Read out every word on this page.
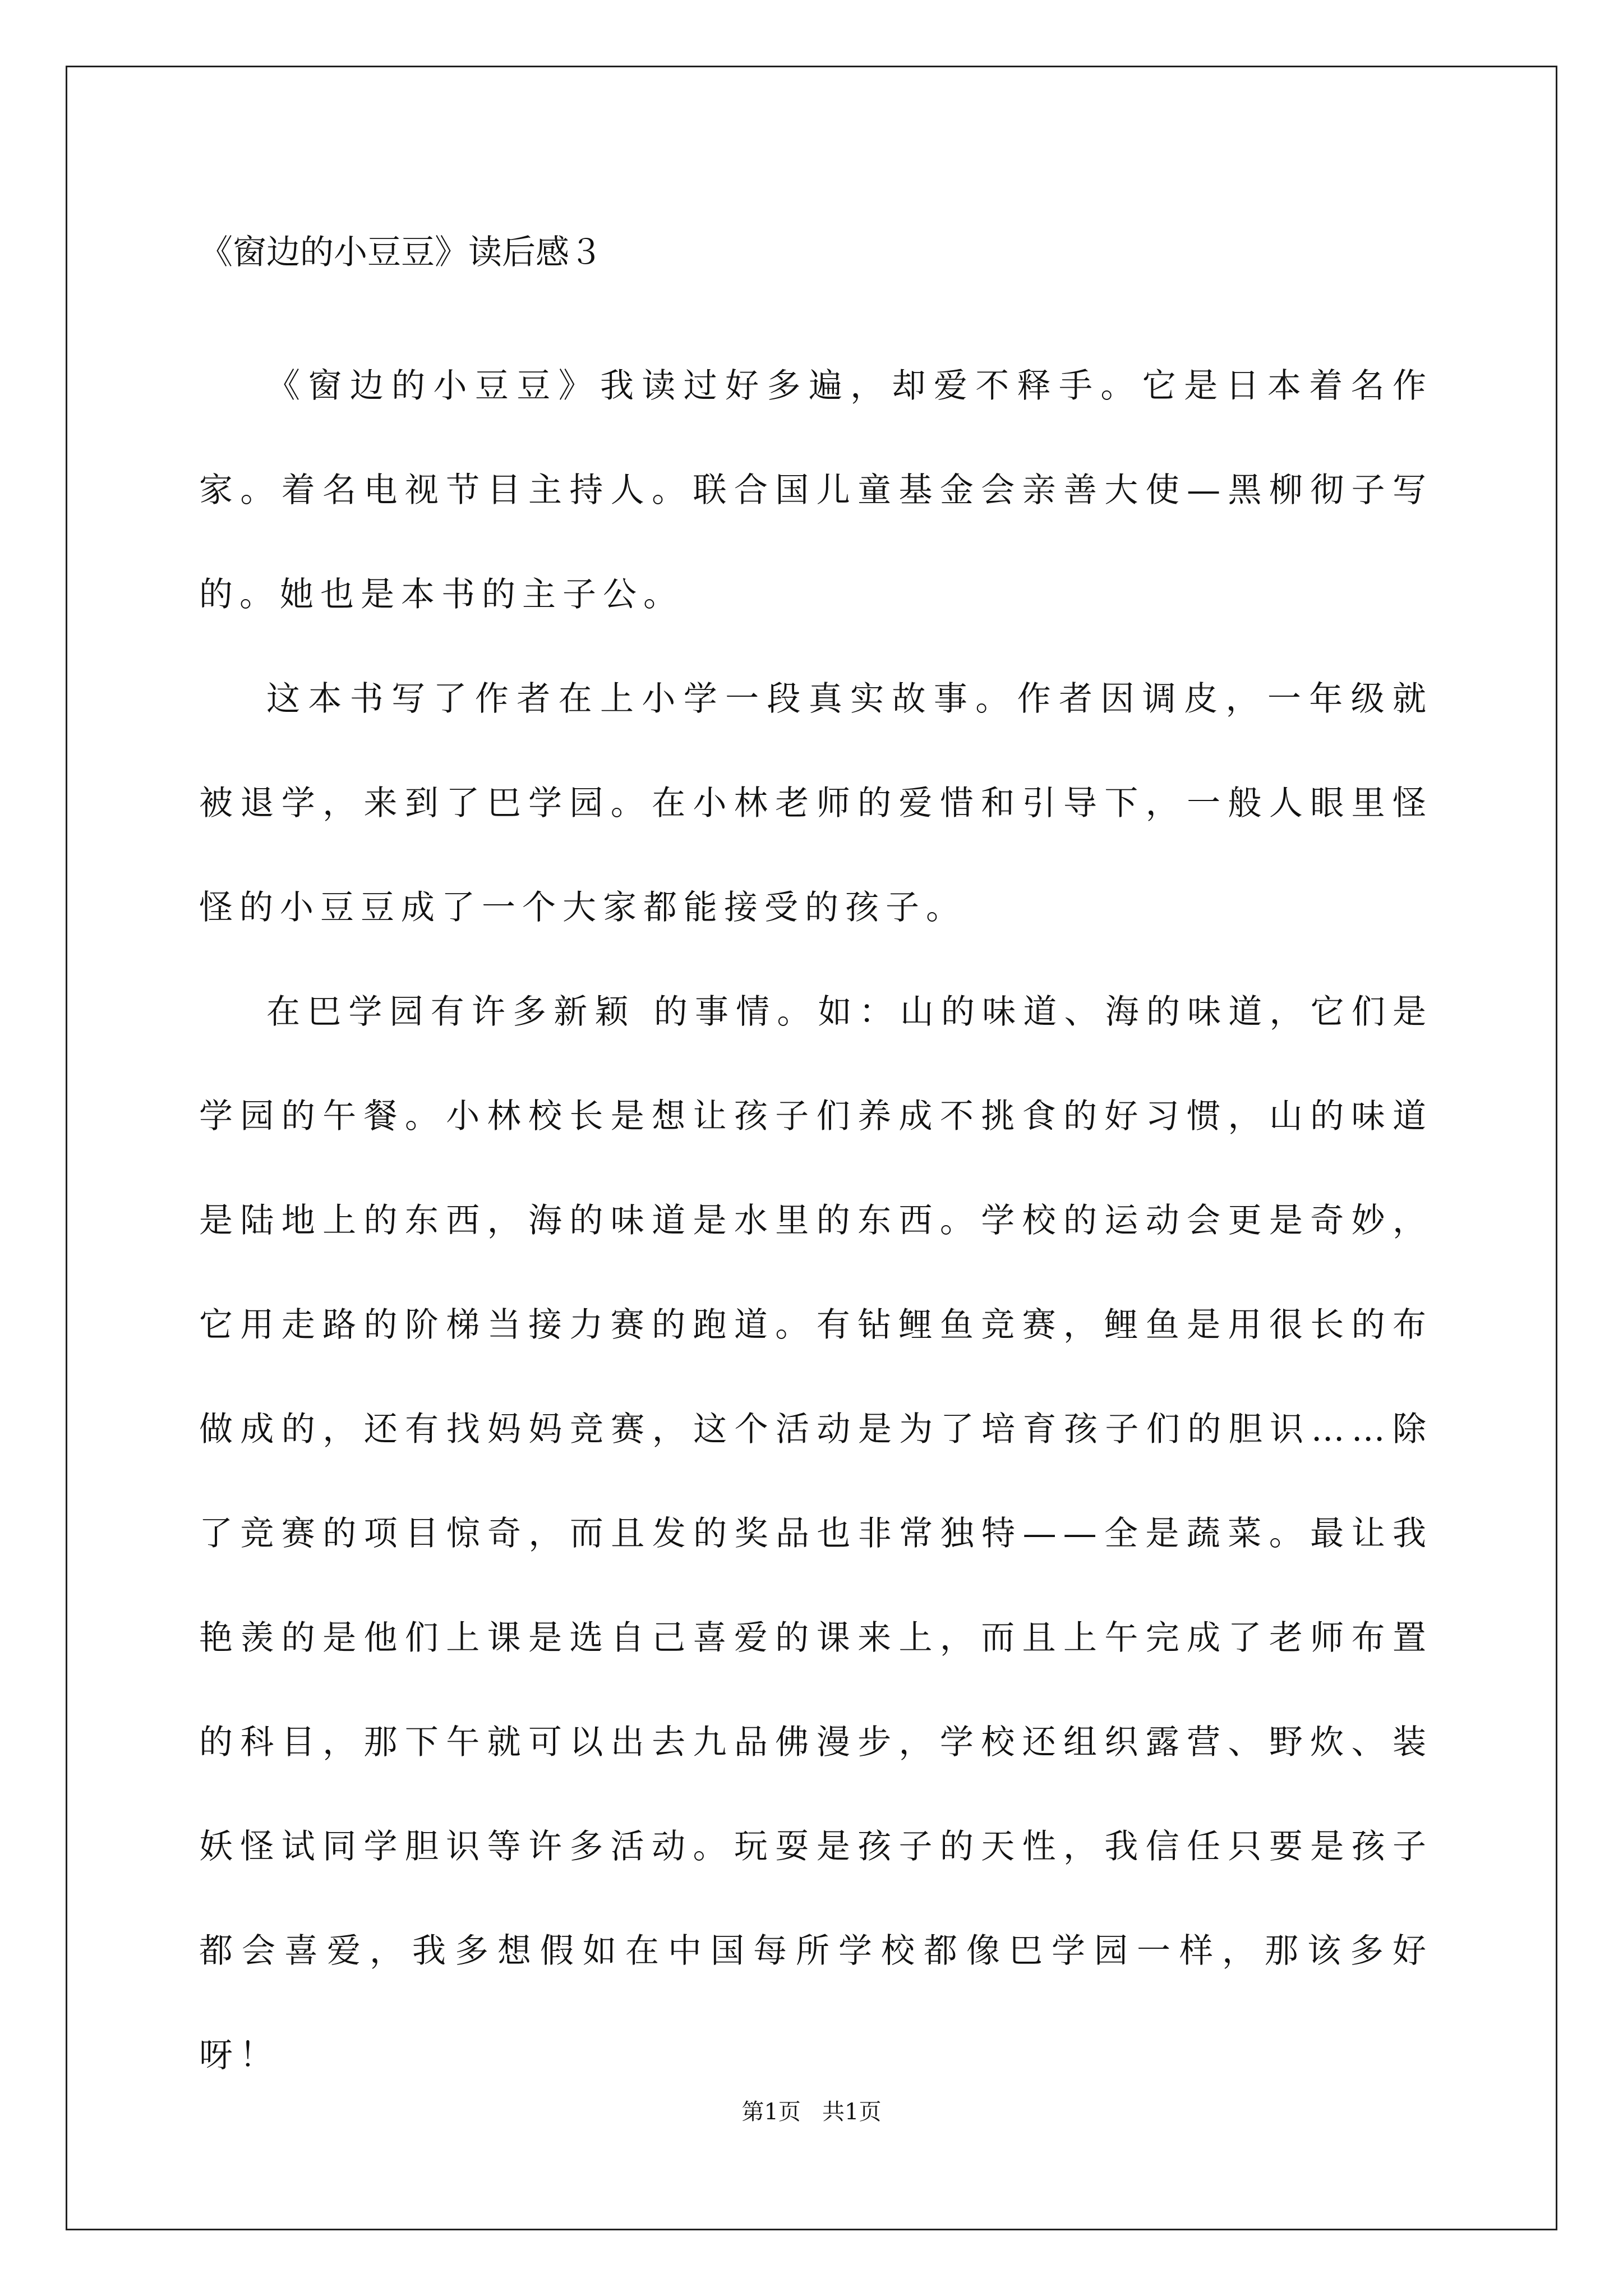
《窗边的小豆豆》读后感３

《窗边的小豆豆》我读过好多遍，却爱不释手。它是日本着名作家。着名电视节目主持人。联合国儿童基金会亲善大使—黑柳彻子写的。她也是本书的主子公。

这本书写了作者在上小学一段真实故事。作者因调皮，一年级就被退学，来到了巴学园。在小林老师的爱惜和引导下，一般人眼里怪怪的小豆豆成了一个大家都能接受的孩子。

在巴学园有许多新颖 的事情。如：山的味道、海的味道，它们是学园的午餐。小林校长是想让孩子们养成不挑食的好习惯，山的味道是陆地上的东西，海的味道是水里的东西。学校的运动会更是奇妙，它用走路的阶梯当接力赛的跑道。有钻鲤鱼竞赛，鲤鱼是用很长的布做成的，还有找妈妈竞赛，这个活动是为了培育孩子们的胆识……除了竞赛的项目惊奇，而且发的奖品也非常独特——全是蔬菜。最让我艳羡的是他们上课是选自己喜爱的课来上，而且上午完成了老师布置的科目，那下午就可以出去九品佛漫步，学校还组织露营、野炊、装妖怪试同学胆识等许多活动。玩耍是孩子的天性，我信任只要是孩子都会喜爱，我多想假如在中国每所学校都像巴学园一样，那该多好呀！

第1页   共1页
